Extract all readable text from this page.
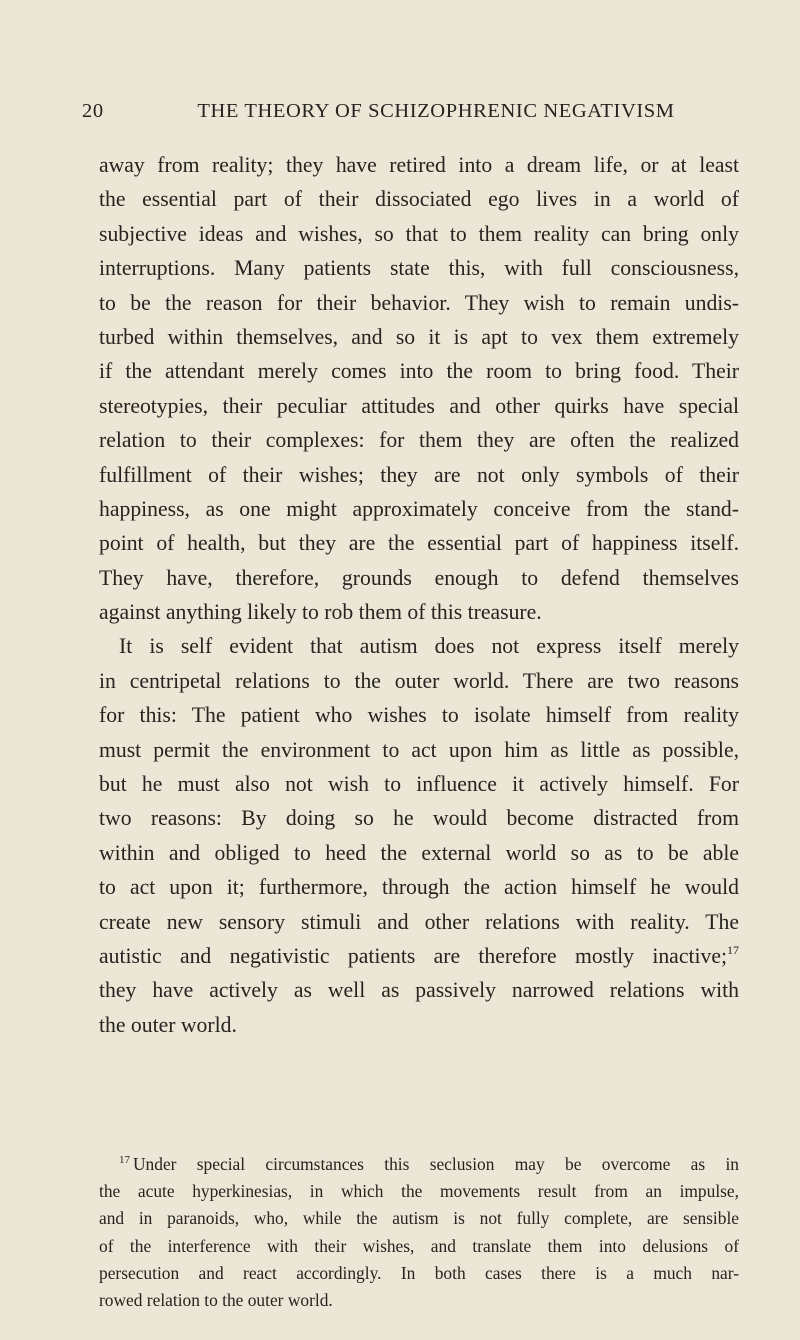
20	THE THEORY OF SCHIZOPHRENIC NEGATIVISM
away from reality; they have retired into a dream life, or at least
the essential part of their dissociated ego lives in a world of
subjective ideas and wishes, so that to them reality can bring only
interruptions. Many patients state this, with full consciousness,
to be the reason for their behavior. They wish to remain undis-
turbed within themselves, and so it is apt to vex them extremely
if the attendant merely comes into the room to bring food. Their
stereotypies, their peculiar attitudes and other quirks have special
relation to their complexes: for them they are often the realized
fulfillment of their wishes; they are not only symbols of their
happiness, as one might approximately conceive from the stand-
point of health, but they are the essential part of happiness itself.
They have, therefore, grounds enough to defend themselves
against anything likely to rob them of this treasure.
It is self evident that autism does not express itself merely
in centripetal relations to the outer world. There are two reasons
for this: The patient who wishes to isolate himself from reality
must permit the environment to act upon him as little as possible,
but he must also not wish to influence it actively himself. For
two reasons: By doing so he would become distracted from
within and obliged to heed the external world so as to be able
to act upon it; furthermore, through the action himself he would
create new sensory stimuli and other relations with reality. The
autistic and negativistic patients are therefore mostly inactive;$^{17}$
they have actively as well as passively narrowed relations with
the outer world.
$^{17}$ Under special circumstances this seclusion may be overcome as in
the acute hyperkinesias, in which the movements result from an impulse,
and in paranoids, who, while the autism is not fully complete, are sensible
of the interference with their wishes, and translate them into delusions of
persecution and react accordingly. In both cases there is a much nar-
rowed relation to the outer world.
